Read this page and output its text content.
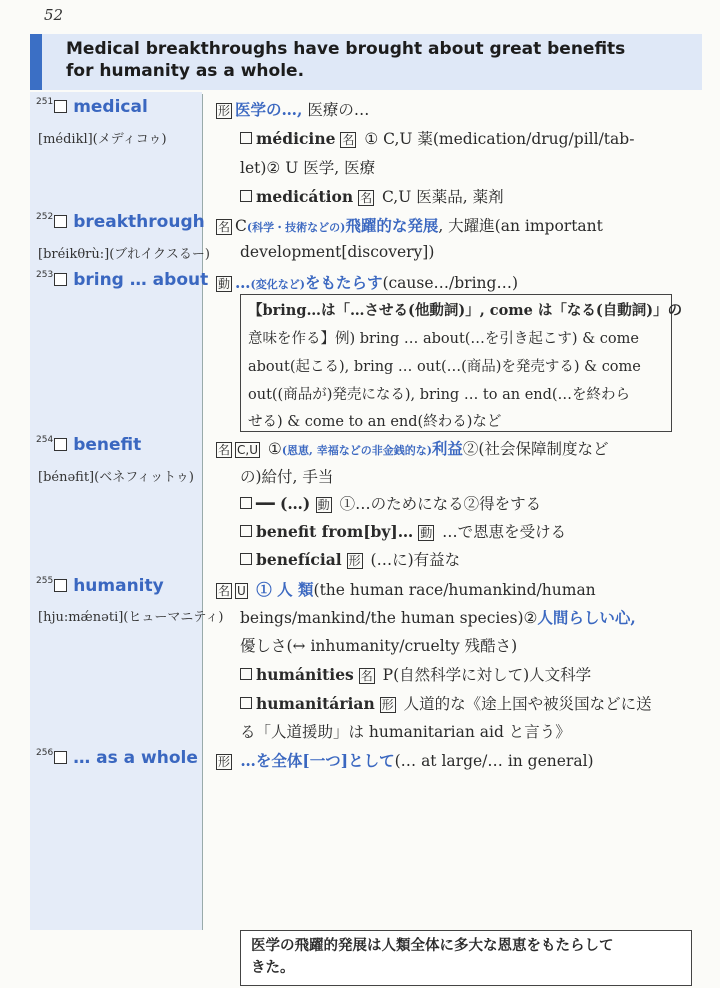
52
Medical breakthroughs have brought about great benefits
for humanity as a whole.
$^{251}$ medical
[médikl](メディコゥ)
形 医学の…, 医療の…
médicine 名 ① C,U 薬(medication/drug/pill/tab-
let)② U 医学, 医療
medicátion 名 C,U 医薬品, 薬剤
$^{252}$ breakthrough
[bréikθrù:](ブれイクスるー)
名 C(科学・技術などの)飛躍的な発展, 大躍進(an important
development[discovery])
$^{253}$ bring … about 動 …(変化など)をもたらす(cause…/bring…)
【bring…は「…させる(他動詞)」, come は「なる(自動詞)」の
意味を作る】例) bring … about(…を引き起こす) & come
about(起こる), bring … out(…(商品)を発売する) & come
out((商品が)発売になる), bring … to an end(…を終わら
せる) & come to an end(終わる)など
$^{254}$ benefit
[bénəfit](ベネフィットゥ)
名 C,U ①(恩恵, 幸福などの非金銭的な)利益②(社会保障制度など
の)給付, 手当
━━ (…) 動 ①…のためになる②得をする
benefit from[by]… 動 …で恩恵を受ける
benefícial 形 (…に)有益な
$^{255}$ humanity
[hju:mǽnəti](ヒューマニティ)
名 U ① 人 類(the human race/humankind/human
beings/mankind/the human species)②人間らしい心,
優しさ(↔ inhumanity/cruelty 残酷さ)
humánities 名 P(自然科学に対して)人文科学
humanitárian 形 人道的な《途上国や被災国などに送
る「人道援助」は humanitarian aid と言う》
$^{256}$ … as a whole 形 …を全体[一つ]として(… at large/… in general)
医学の飛躍的発展は人類全体に多大な恩恵をもたらして
きた。
